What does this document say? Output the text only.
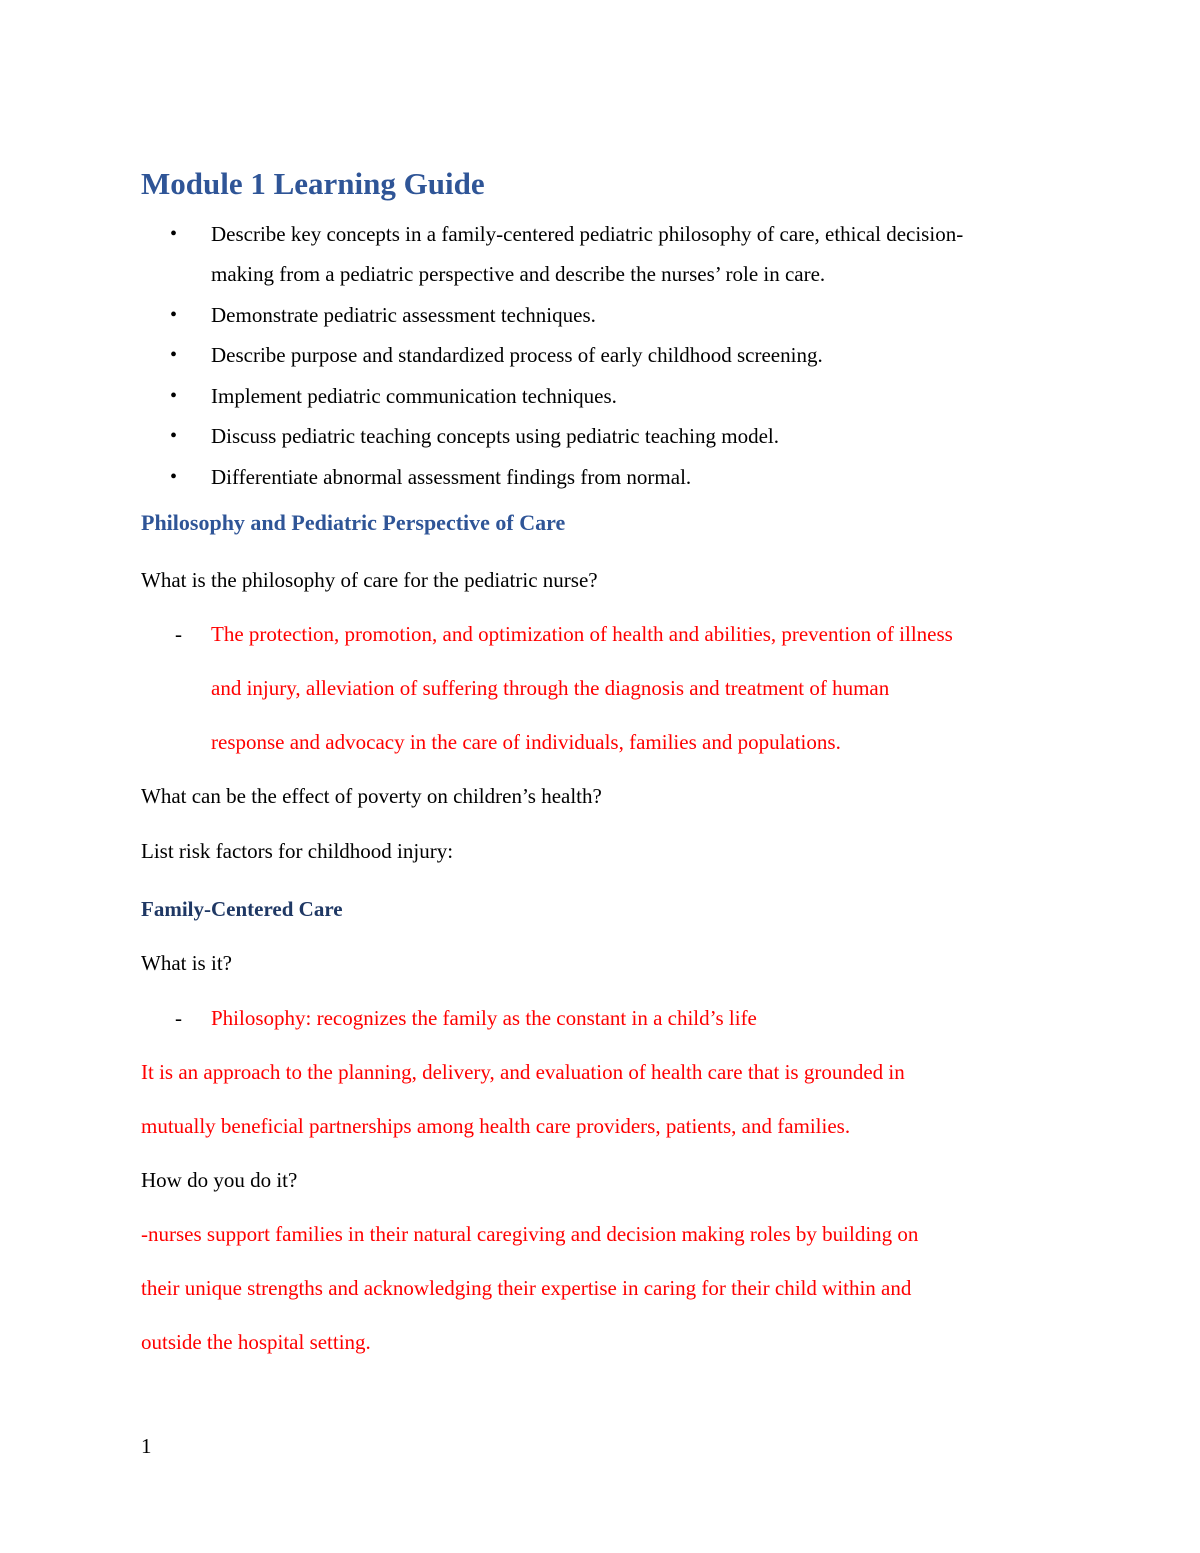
Module 1 Learning Guide
• Describe key concepts in a family-centered pediatric philosophy of care, ethical decision-
making from a pediatric perspective and describe the nurses’ role in care.
• Demonstrate pediatric assessment techniques.
• Describe purpose and standardized process of early childhood screening.
• Implement pediatric communication techniques.
• Discuss pediatric teaching concepts using pediatric teaching model.
• Differentiate abnormal assessment findings from normal.
Philosophy and Pediatric Perspective of Care
What is the philosophy of care for the pediatric nurse?
- The protection, promotion, and optimization of health and abilities, prevention of illness
and injury, alleviation of suffering through the diagnosis and treatment of human
response and advocacy in the care of individuals, families and populations.
What can be the effect of poverty on children’s health?
List risk factors for childhood injury:
Family-Centered Care
What is it?
- Philosophy: recognizes the family as the constant in a child’s life
It is an approach to the planning, delivery, and evaluation of health care that is grounded in
mutually beneficial partnerships among health care providers, patients, and families.
How do you do it?
-nurses support families in their natural caregiving and decision making roles by building on
their unique strengths and acknowledging their expertise in caring for their child within and
outside the hospital setting.
1
